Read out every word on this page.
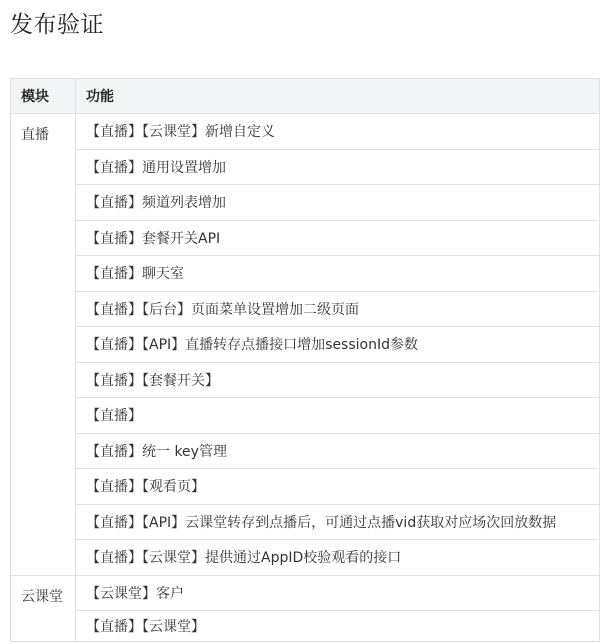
发布验证
模块	功能
直播	【直播】【云课堂】新增自定义
	【直播】通用设置增加
	【直播】频道列表增加
	【直播】套餐开关API
	【直播】聊天室
	【直播】【后台】页面菜单设置增加二级页面
	【直播】【API】直播转存点播接口增加sessionId参数
	【直播】【套餐开关】
	【直播】
	【直播】统一 key管理
	【直播】【观看页】
	【直播】【API】云课堂转存到点播后，可通过点播vid获取对应场次回放数据
	【直播】【云课堂】提供通过AppID校验观看的接口
云课堂	【云课堂】客户
	【直播】【云课堂】
